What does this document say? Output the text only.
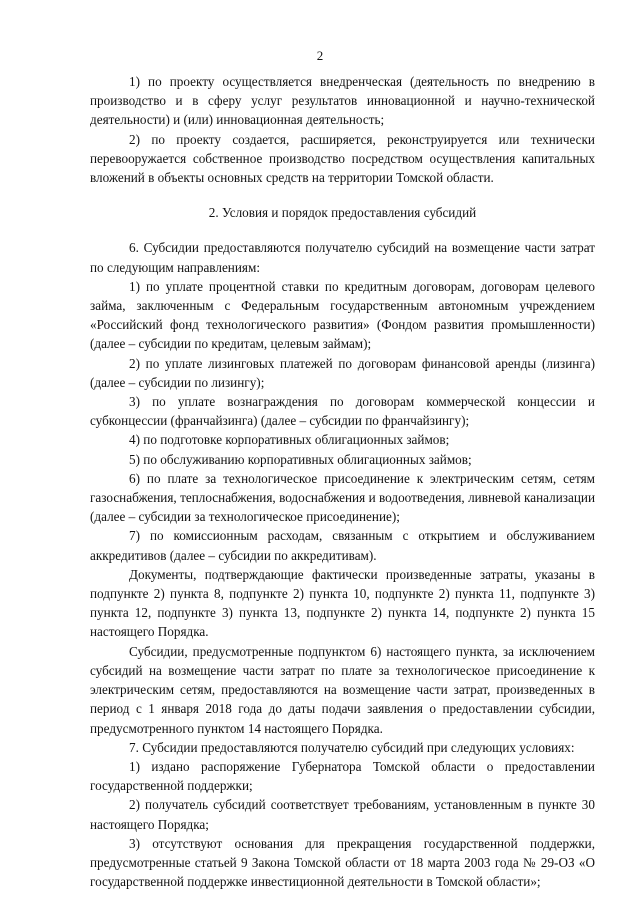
2

1) по проекту осуществляется внедренческая (деятельность по внедрению в производство и в сферу услуг результатов инновационной и научно-технической деятельности) и (или) инновационная деятельность;

2) по проекту создается, расширяется, реконструируется или технически перевооружается собственное производство посредством осуществления капитальных вложений в объекты основных средств на территории Томской области.

2. Условия и порядок предоставления субсидий

6. Субсидии предоставляются получателю субсидий на возмещение части затрат по следующим направлениям:

1) по уплате процентной ставки по кредитным договорам, договорам целевого займа, заключенным с Федеральным государственным автономным учреждением «Российский фонд технологического развития» (Фондом развития промышленности) (далее – субсидии по кредитам, целевым займам);

2) по уплате лизинговых платежей по договорам финансовой аренды (лизинга) (далее – субсидии по лизингу);

3) по уплате вознаграждения по договорам коммерческой концессии и субконцессии (франчайзинга) (далее – субсидии по франчайзингу);

4) по подготовке корпоративных облигационных займов;

5) по обслуживанию корпоративных облигационных займов;

6) по плате за технологическое присоединение к электрическим сетям, сетям газоснабжения, теплоснабжения, водоснабжения и водоотведения, ливневой канализации (далее – субсидии за технологическое присоединение);

7) по комиссионным расходам, связанным с открытием и обслуживанием аккредитивов (далее – субсидии по аккредитивам).

Документы, подтверждающие фактически произведенные затраты, указаны в подпункте 2) пункта 8, подпункте 2) пункта 10, подпункте 2) пункта 11, подпункте 3) пункта 12, подпункте 3) пункта 13, подпункте 2) пункта 14, подпункте 2) пункта 15 настоящего Порядка.

Субсидии, предусмотренные подпунктом 6) настоящего пункта, за исключением субсидий на возмещение части затрат по плате за технологическое присоединение к электрическим сетям, предоставляются на возмещение части затрат, произведенных в период с 1 января 2018 года до даты подачи заявления о предоставлении субсидии, предусмотренного пунктом 14 настоящего Порядка.

7. Субсидии предоставляются получателю субсидий при следующих условиях:

1) издано распоряжение Губернатора Томской области о предоставлении государственной поддержки;

2) получатель субсидий соответствует требованиям, установленным в пункте 30 настоящего Порядка;

3) отсутствуют основания для прекращения государственной поддержки, предусмотренные статьей 9 Закона Томской области от 18 марта 2003 года № 29-ОЗ «О государственной поддержке инвестиционной деятельности в Томской области»;
